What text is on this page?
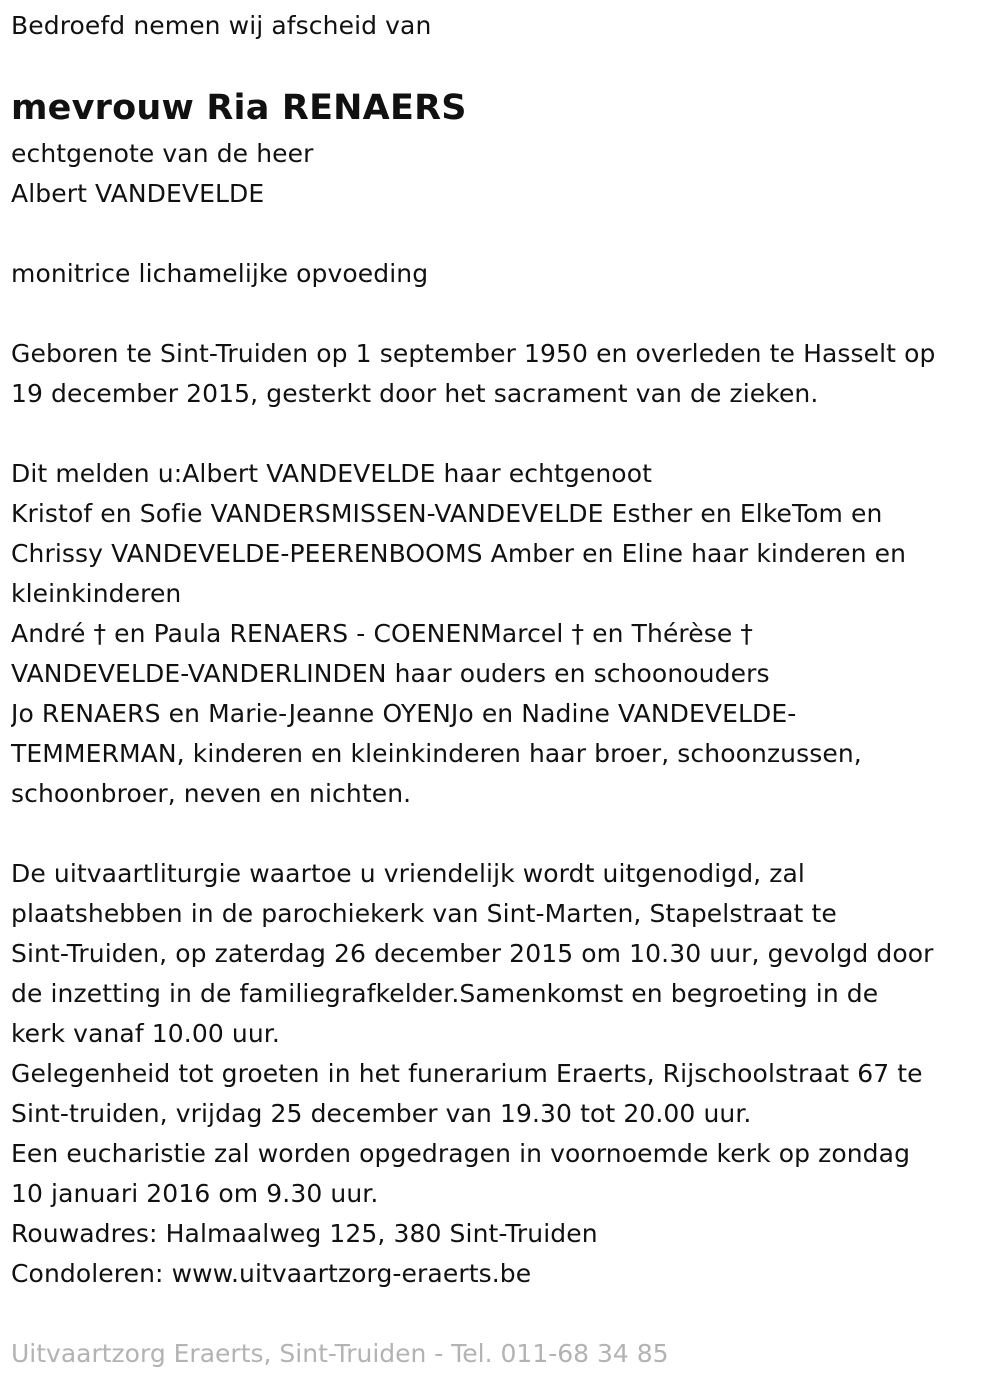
Bedroefd nemen wij afscheid van
mevrouw Ria RENAERS
echtgenote van de heer
Albert VANDEVELDE
monitrice lichamelijke opvoeding
Geboren te Sint-Truiden op 1 september 1950 en overleden te Hasselt op
19 december 2015, gesterkt door het sacrament van de zieken.
Dit melden u:Albert VANDEVELDE haar echtgenoot
Kristof en Sofie VANDERSMISSEN-VANDEVELDE Esther en ElkeTom en
Chrissy VANDEVELDE-PEERENBOOMS Amber en Eline haar kinderen en
kleinkinderen
André † en Paula RENAERS - COENENMarcel † en Thérèse †
VANDEVELDE-VANDERLINDEN haar ouders en schoonouders
Jo RENAERS en Marie-Jeanne OYENJo en Nadine VANDEVELDE-
TEMMERMAN, kinderen en kleinkinderen haar broer, schoonzussen,
schoonbroer, neven en nichten.
De uitvaartliturgie waartoe u vriendelijk wordt uitgenodigd, zal
plaatshebben in de parochiekerk van Sint-Marten, Stapelstraat te
Sint-Truiden, op zaterdag 26 december 2015 om 10.30 uur, gevolgd door
de inzetting in de familiegrafkelder.Samenkomst en begroeting in de
kerk vanaf 10.00 uur.
Gelegenheid tot groeten in het funerarium Eraerts, Rijschoolstraat 67 te
Sint-truiden, vrijdag 25 december van 19.30 tot 20.00 uur.
Een eucharistie zal worden opgedragen in voornoemde kerk op zondag
10 januari 2016 om 9.30 uur.
Rouwadres: Halmaalweg 125, 380 Sint-Truiden
Condoleren: www.uitvaartzorg-eraerts.be
Uitvaartzorg Eraerts, Sint-Truiden - Tel. 011-68 34 85
